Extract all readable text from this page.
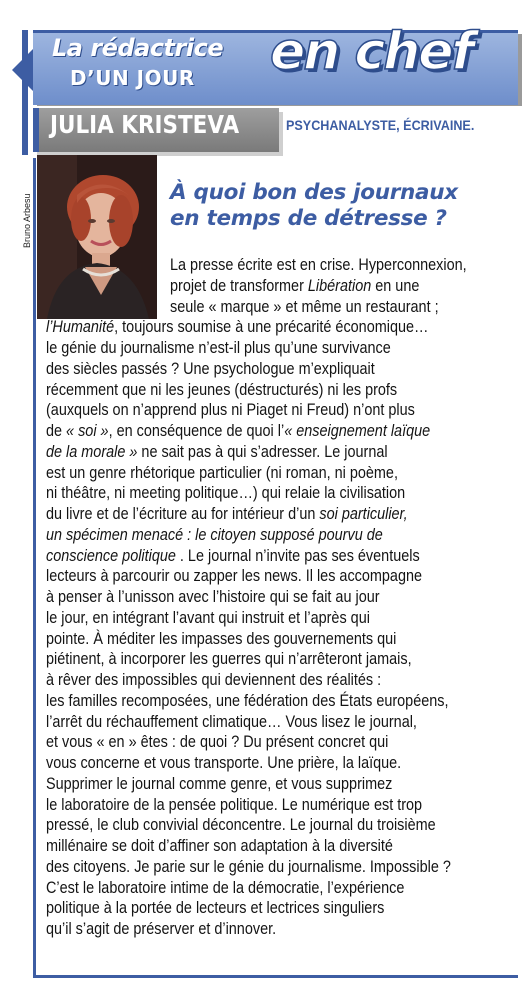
en chef
La rédactrice
D’UN JOUR
JULIA KRISTEVA	PSYCHANALYSTE, ÉCRIVAINE.
Bruno Arbesu
À quoi bon des journaux
en temps de détresse ?
La presse écrite est en crise. Hyperconnexion,
projet de transformer Libération en une
seule « marque » et même un restaurant ;
l’Humanité, toujours soumise à une précarité économique…
le génie du journalisme n’est-il plus qu’une survivance
des siècles passés ? Une psychologue m’expliquait
récemment que ni les jeunes (déstructurés) ni les profs
(auxquels on n’apprend plus ni Piaget ni Freud) n’ont plus
de « soi », en conséquence de quoi l’« enseignement laïque
de la morale » ne sait pas à qui s’adresser. Le journal
est un genre rhétorique particulier (ni roman, ni poème,
ni théâtre, ni meeting politique…) qui relaie la civilisation
du livre et de l’écriture au for intérieur d’un soi particulier,
un spécimen menacé : le citoyen supposé pourvu de
conscience politique . Le journal n’invite pas ses éventuels
lecteurs à parcourir ou zapper les news. Il les accompagne
à penser à l’unisson avec l’histoire qui se fait au jour
le jour, en intégrant l’avant qui instruit et l’après qui
pointe. À méditer les impasses des gouvernements qui
piétinent, à incorporer les guerres qui n’arrêteront jamais,
à rêver des impossibles qui deviennent des réalités :
les familles recomposées, une fédération des États européens,
l’arrêt du réchauffement climatique… Vous lisez le journal,
et vous « en » êtes : de quoi ? Du présent concret qui
vous concerne et vous transporte. Une prière, la laïque.
Supprimer le journal comme genre, et vous supprimez
le laboratoire de la pensée politique. Le numérique est trop
pressé, le club convivial déconcentre. Le journal du troisième
millénaire se doit d’affiner son adaptation à la diversité
des citoyens. Je parie sur le génie du journalisme. Impossible ?
C’est le laboratoire intime de la démocratie, l’expérience
politique à la portée de lecteurs et lectrices singuliers
qu’il s’agit de préserver et d’innover.
